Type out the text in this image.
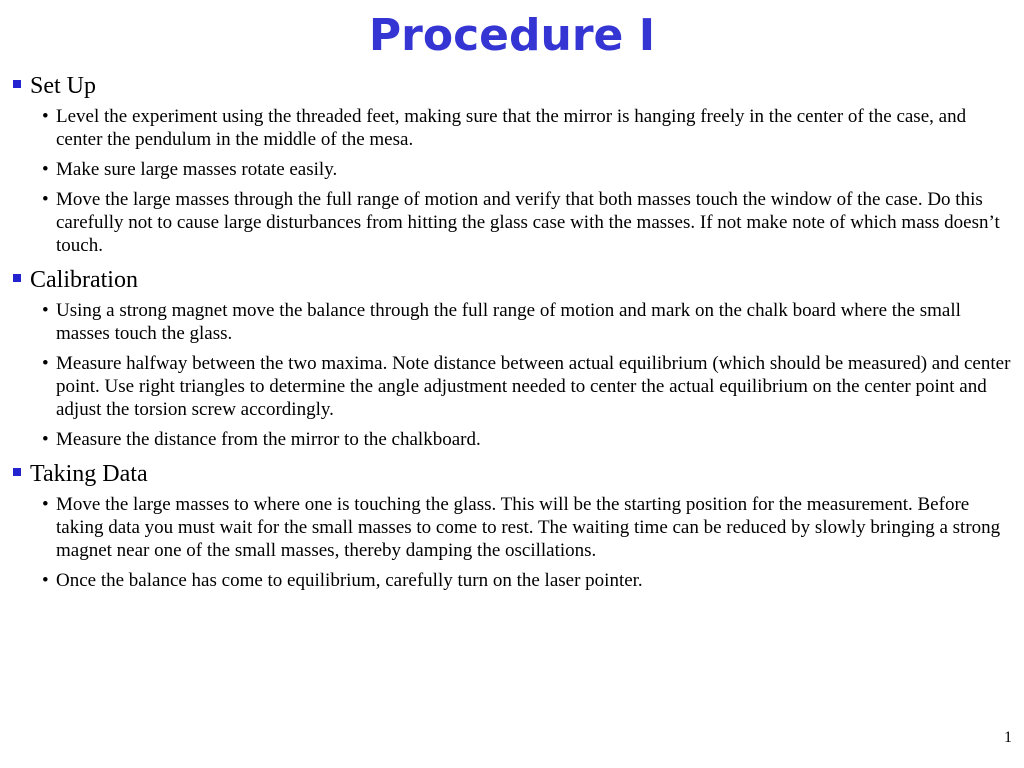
Procedure I
Set Up
• Level the experiment using the threaded feet, making sure that the mirror is hanging freely in the center of the case, and center the pendulum in the middle of the mesa.
• Make sure large masses rotate easily.
• Move the large masses through the full range of motion and verify that both masses touch the window of the case. Do this carefully not to cause large disturbances from hitting the glass case with the masses. If not make note of which mass doesn’t touch.
Calibration
• Using a strong magnet move the balance through the full range of motion and mark on the chalk board where the small masses touch the glass.
• Measure halfway between the two maxima. Note distance between actual equilibrium (which should be measured) and center point. Use right triangles to determine the angle adjustment needed to center the actual equilibrium on the center point and adjust the torsion screw accordingly.
• Measure the distance from the mirror to the chalkboard.
Taking Data
• Move the large masses to where one is touching the glass. This will be the starting position for the measurement. Before taking data you must wait for the small masses to come to rest. The waiting time can be reduced by slowly bringing a strong magnet near one of the small masses, thereby damping the oscillations.
• Once the balance has come to equilibrium, carefully turn on the laser pointer.
1
